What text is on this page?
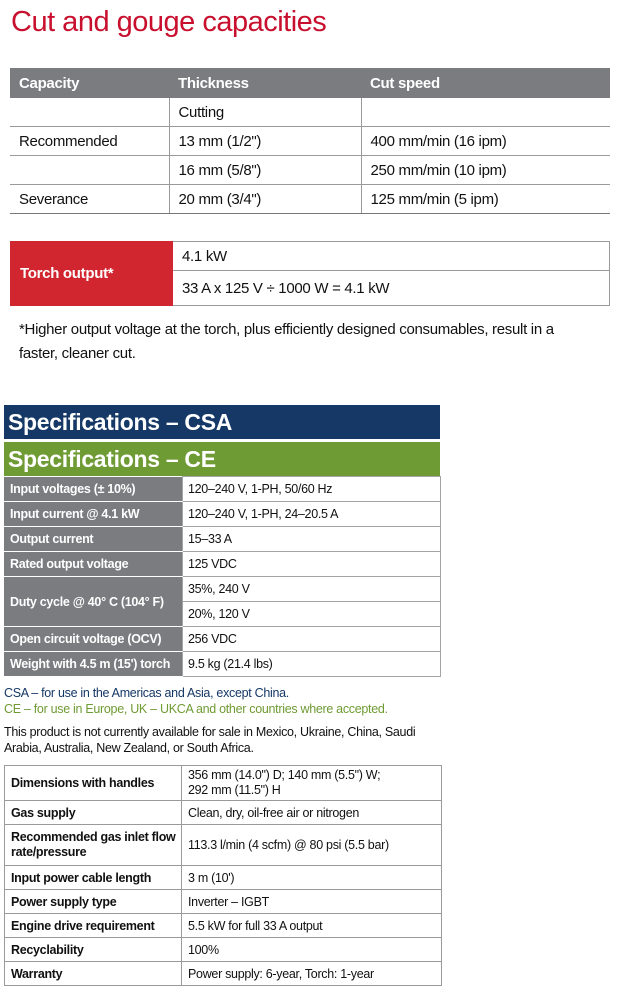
Cut and gouge capacities
Capacity	Thickness	Cut speed
	Cutting	
Recommended	13 mm (1/2")	400 mm/min (16 ipm)
	16 mm (5/8")	250 mm/min (10 ipm)
Severance	20 mm (3/4")	125 mm/min (5 ipm)
Torch output*	4.1 kW
33 A x 125 V ÷ 1000 W = 4.1 kW
*Higher output voltage at the torch, plus efficiently designed consumables, result in a faster, cleaner cut.
Specifications – CSA
Specifications – CE
Input voltages (± 10%)	120–240 V, 1-PH, 50/60 Hz
Input current @ 4.1 kW	120–240 V, 1-PH, 24–20.5 A
Output current	15–33 A
Rated output voltage	125 VDC
Duty cycle @ 40° C (104° F)	35%, 240 V
	20%, 120 V
Open circuit voltage (OCV)	256 VDC
Weight with 4.5 m (15') torch	9.5 kg (21.4 lbs)
CSA – for use in the Americas and Asia, except China.
CE – for use in Europe, UK – UKCA and other countries where accepted.
This product is not currently available for sale in Mexico, Ukraine, China, Saudi Arabia, Australia, New Zealand, or South Africa.
Dimensions with handles	356 mm (14.0") D; 140 mm (5.5") W;
292 mm (11.5") H

Gas supply	Clean, dry, oil-free air or nitrogen

Recommended gas inlet flow
rate/pressure	113.3 l/min (4 scfm) @ 80 psi (5.5 bar)
Input power cable length	3 m (10')
Power supply type	Inverter – IGBT
Engine drive requirement	5.5 kW for full 33 A output
Recyclability	100%
Warranty	Power supply: 6-year, Torch: 1-year
